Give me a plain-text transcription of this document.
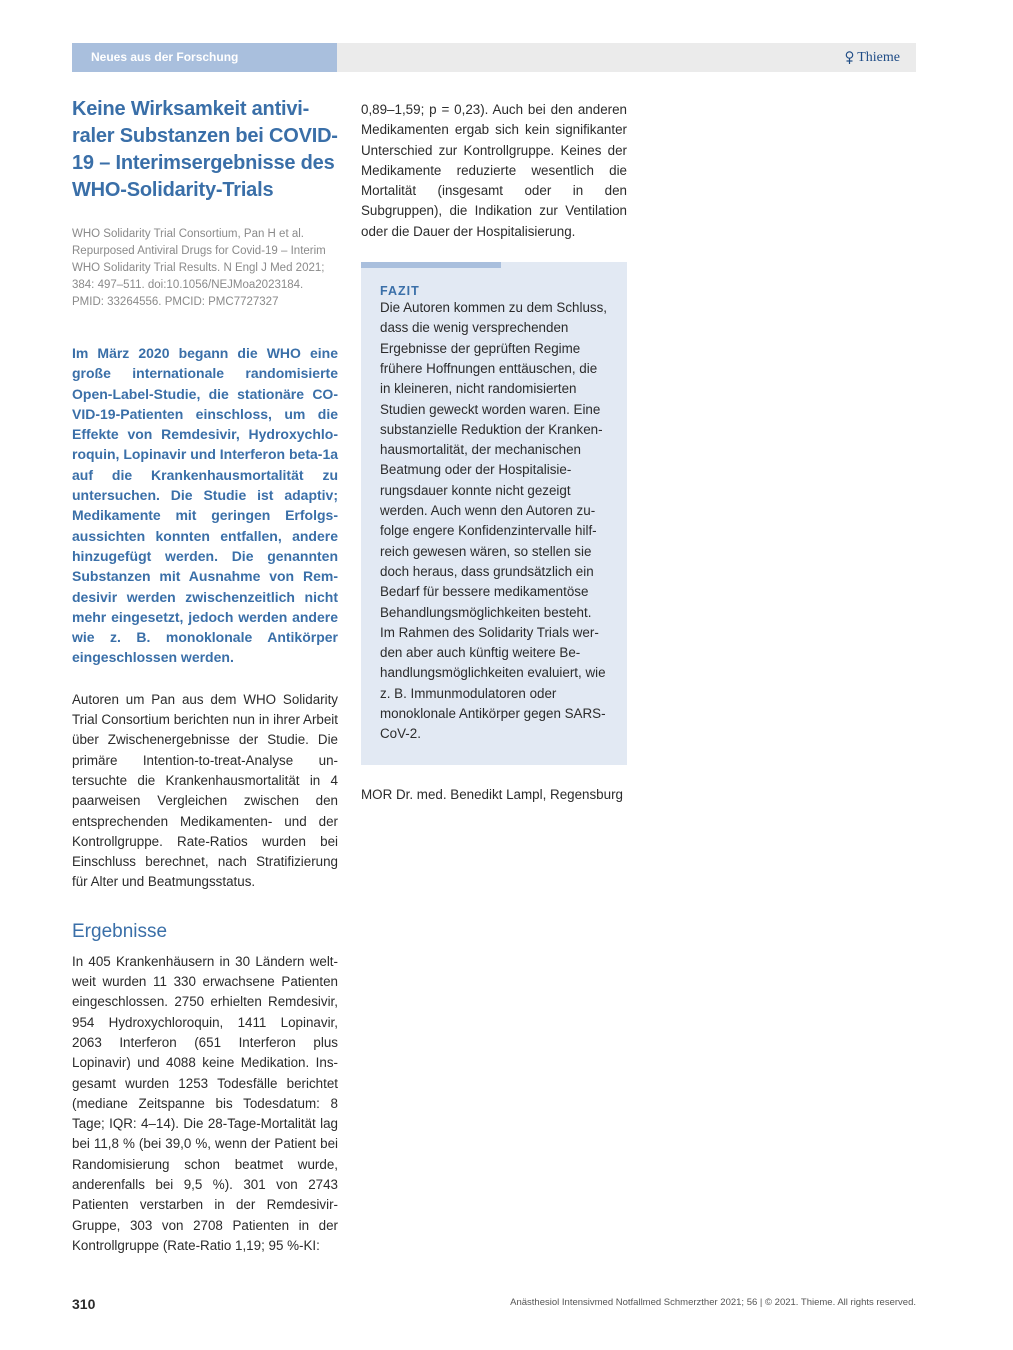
Neues aus der Forschung	Thieme
Keine Wirksamkeit antiviraler Substanzen bei COVID-19 – Interimsergebnisse des WHO-Solidarity-Trials
WHO Solidarity Trial Consortium, Pan H et al. Repurposed Antiviral Drugs for Covid-19 – Interim WHO Solidarity Trial Results. N Engl J Med 2021; 384: 497–511. doi:10.1056/NEJMoa2023184. PMID: 33264556. PMCID: PMC7727327
Im März 2020 begann die WHO eine große internationale randomisierte Open-Label-Studie, die stationäre COVID-19-Patienten einschloss, um die Effekte von Remdesivir, Hydroxychloroquin, Lopinavir und Interferon beta-1a auf die Krankenhausmortalität zu untersuchen. Die Studie ist adaptiv; Medikamente mit geringen Erfolgsaussichten konnten entfallen, andere hinzugefügt werden. Die genannten Substanzen mit Ausnahme von Remdesivir werden zwischenzeitlich nicht mehr eingesetzt, jedoch werden andere wie z. B. monoklonale Antikörper eingeschlossen werden.
Autoren um Pan aus dem WHO Solidarity Trial Consortium berichten nun in ihrer Arbeit über Zwischenergebnisse der Studie. Die primäre Intention-to-treat-Analyse untersuchte die Krankenhausmortalität in 4 paarweisen Vergleichen zwischen den entsprechenden Medikamenten- und der Kontrollgruppe. Rate-Ratios wurden bei Einschluss berechnet, nach Stratifizierung für Alter und Beatmungsstatus.
Ergebnisse
In 405 Krankenhäusern in 30 Ländern weltweit wurden 11 330 erwachsene Patienten eingeschlossen. 2750 erhielten Remdesivir, 954 Hydroxychloroquin, 1411 Lopinavir, 2063 Interferon (651 Interferon plus Lopinavir) und 4088 keine Medikation. Insgesamt wurden 1253 Todesfälle berichtet (mediane Zeitspanne bis Todesdatum: 8 Tage; IQR: 4–14). Die 28-Tage-Mortalität lag bei 11,8 % (bei 39,0 %, wenn der Patient bei Randomisierung schon beatmet wurde, anderenfalls bei 9,5 %). 301 von 2743 Patienten verstarben in der Remdesivir-Gruppe, 303 von 2708 Patienten in der Kontrollgruppe (Rate-Ratio 1,19; 95 %-KI:
0,89–1,59; p = 0,23). Auch bei den anderen Medikamenten ergab sich kein signifikanter Unterschied zur Kontrollgruppe. Keines der Medikamente reduzierte wesentlich die Mortalität (insgesamt oder in den Subgruppen), die Indikation zur Ventilation oder die Dauer der Hospitalisierung.
FAZIT
Die Autoren kommen zu dem Schluss, dass die wenig versprechenden Ergebnisse der geprüften Regime frühere Hoffnungen enttäuschen, die in kleineren, nicht randomisierten Studien geweckt worden waren. Eine substanzielle Reduktion der Krankenhausmortalität, der mechanischen Beatmung oder der Hospitalisierungsdauer konnte nicht gezeigt werden. Auch wenn den Autoren zufolge engere Konfidenzintervalle hilfreich gewesen wären, so stellen sie doch heraus, dass grundsätzlich ein Bedarf für bessere medikamentöse Behandlungsmöglichkeiten besteht. Im Rahmen des Solidarity Trials werden aber auch künftig weitere Behandlungsmöglichkeiten evaluiert, wie z. B. Immunmodulatoren oder monoklonale Antikörper gegen SARS-CoV-2.
MOR Dr. med. Benedikt Lampl, Regensburg
310	Anästhesiol Intensivmed Notfallmed Schmerzther 2021; 56 | © 2021. Thieme. All rights reserved.
